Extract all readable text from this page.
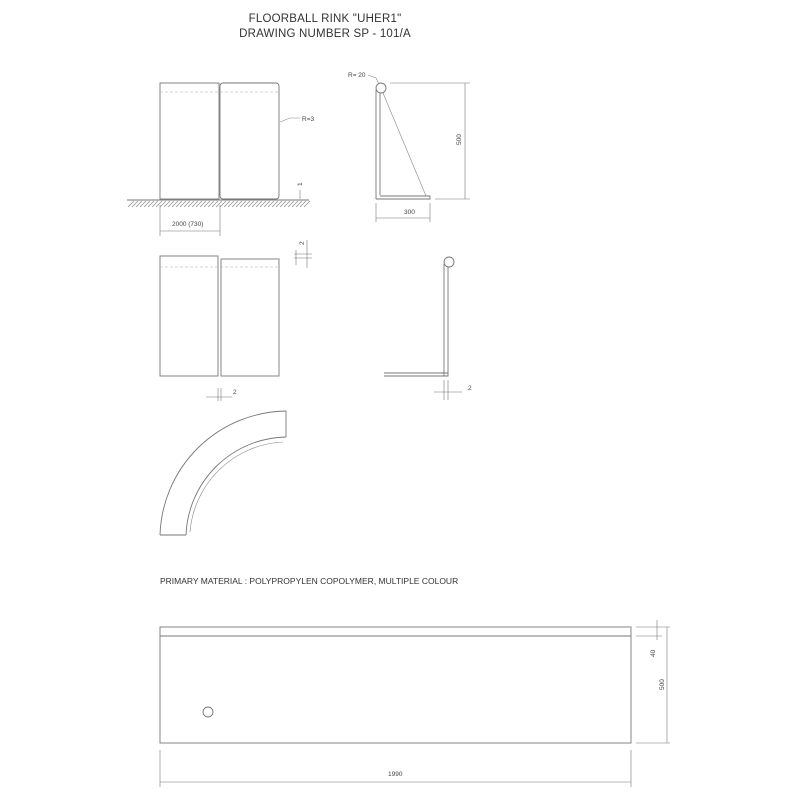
FLOORBALL RINK "UHER1"
DRAWING NUMBER SP - 101/A
R=3
1
2000 (730)
R= 20
500
300
2
2
2
40
500
1990
PRIMARY MATERIAL : POLYPROPYLEN COPOLYMER, MULTIPLE COLOUR
